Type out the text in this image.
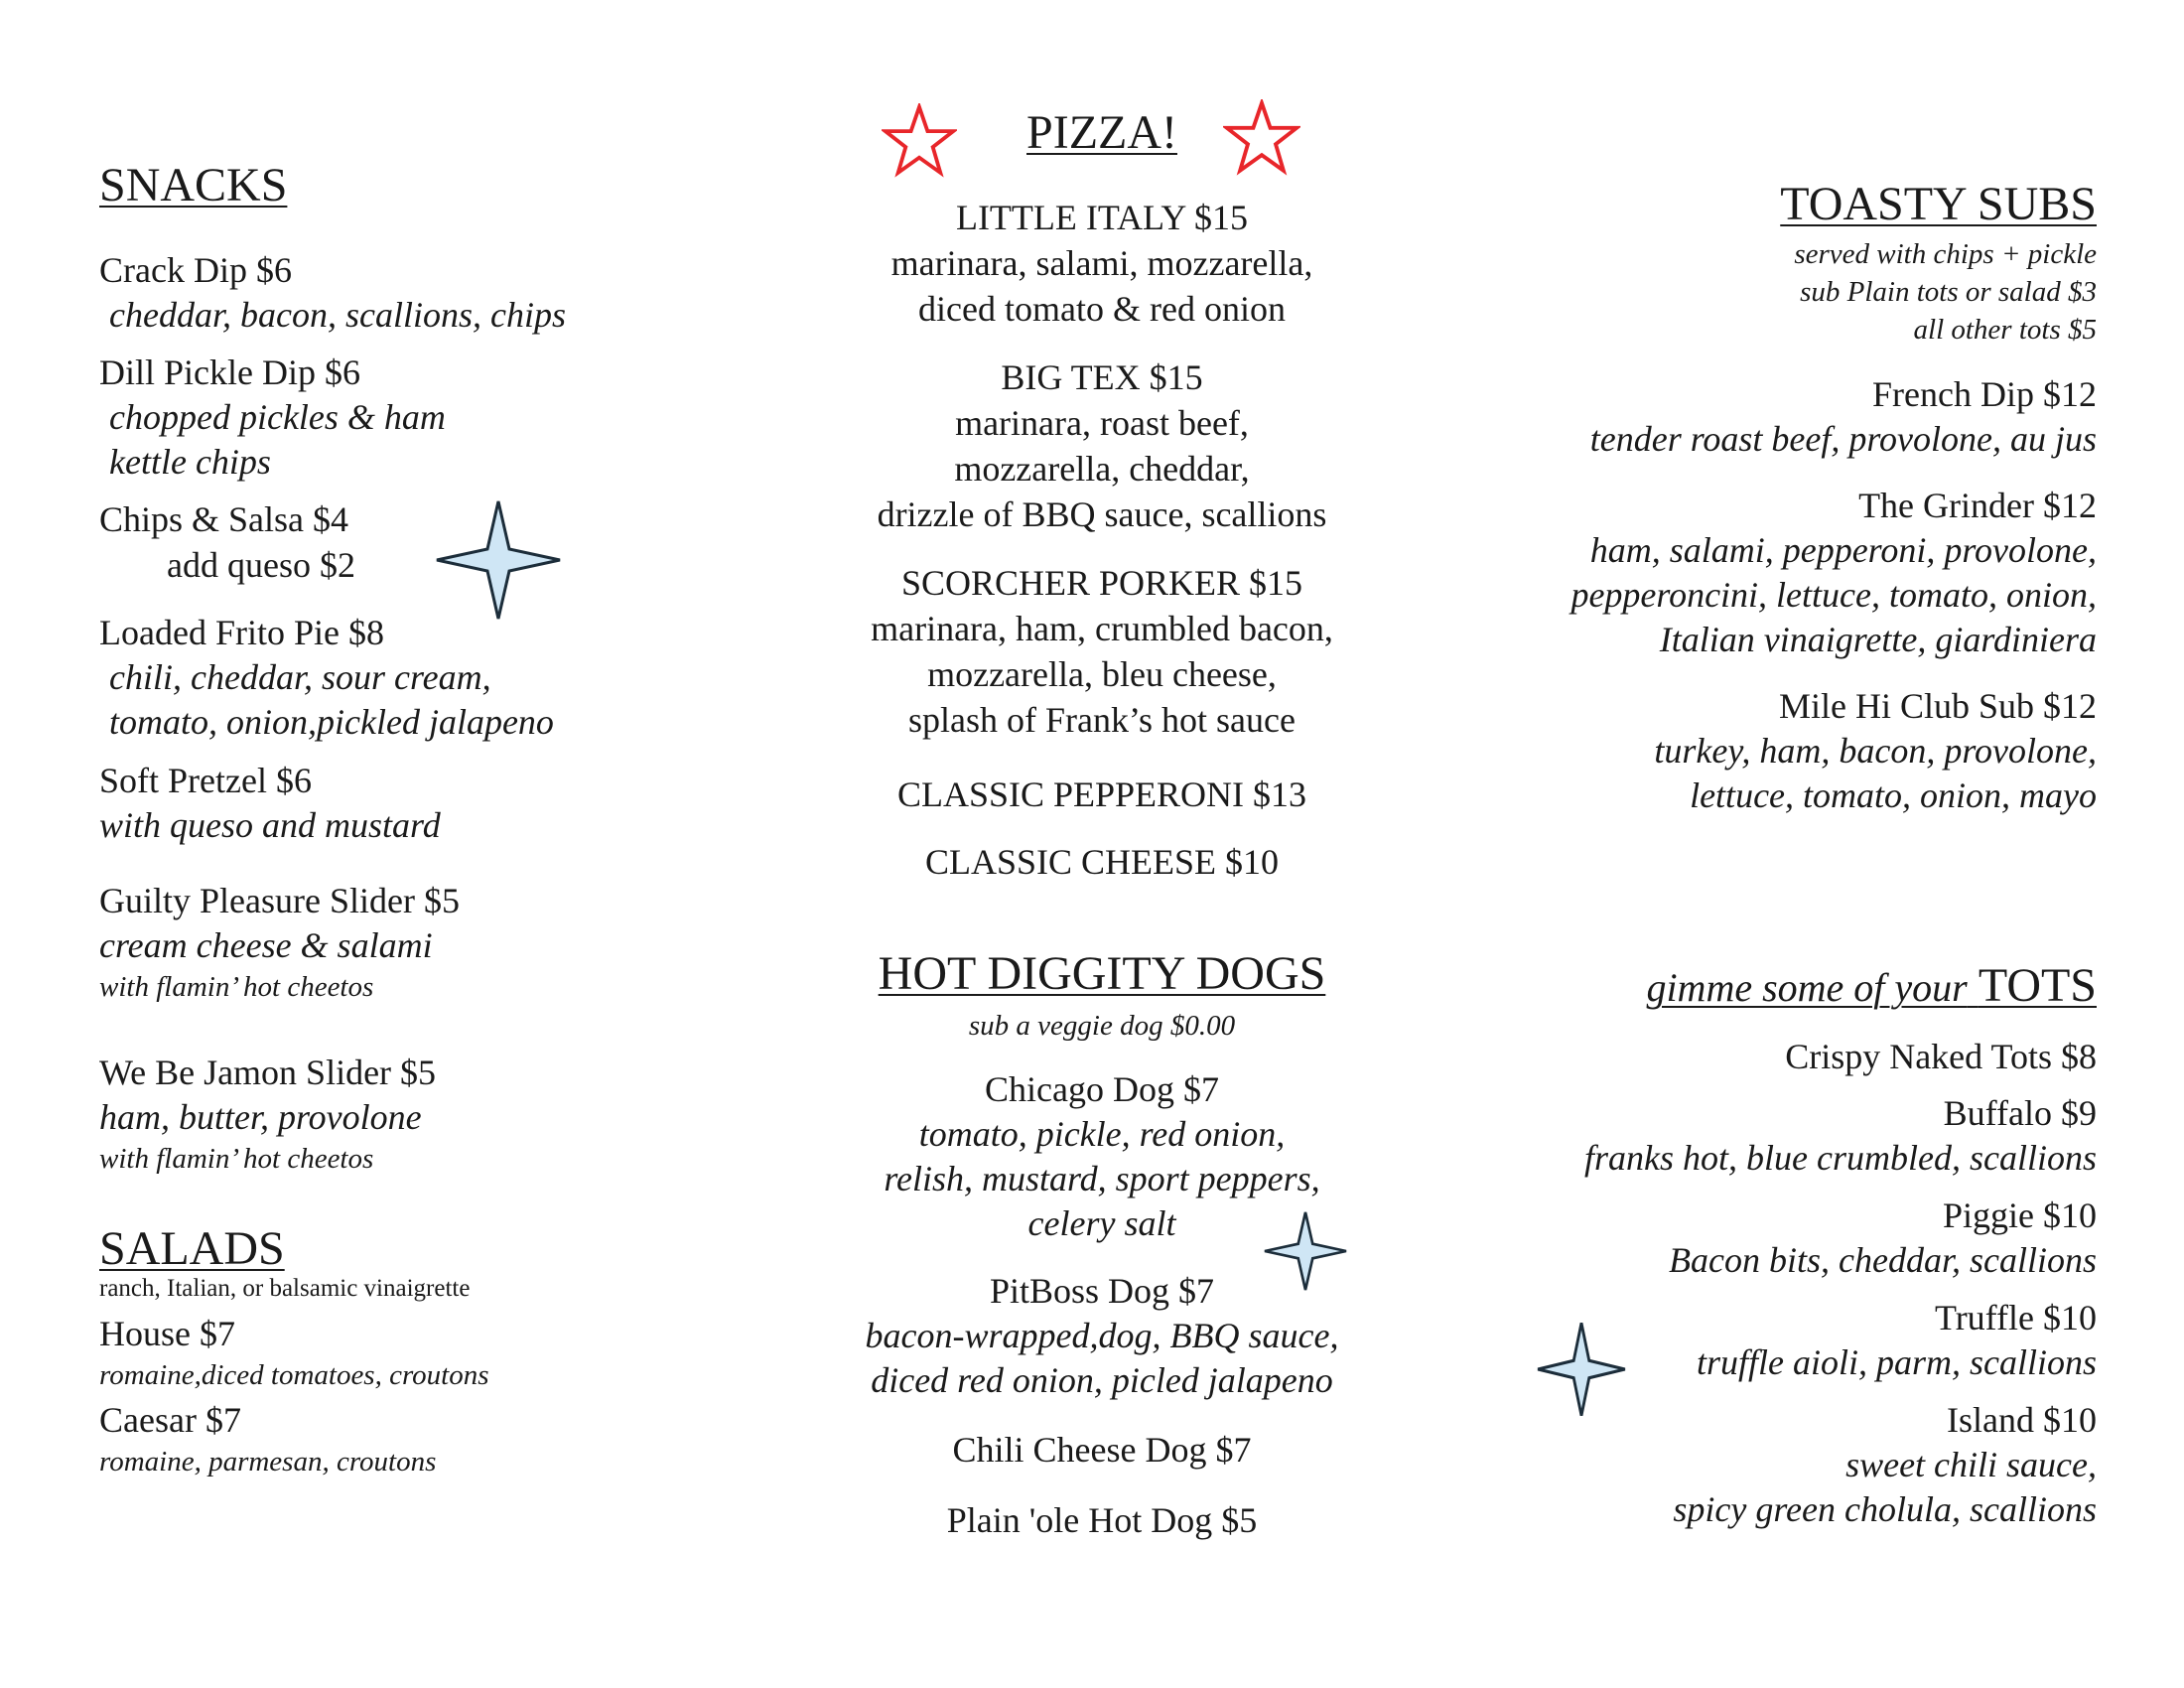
SNACKS
Crack Dip $6
cheddar, bacon, scallions, chips
Dill Pickle Dip $6
chopped pickles & ham
kettle chips
Chips & Salsa $4
add queso $2
Loaded Frito Pie $8
chili, cheddar, sour cream,
tomato, onion,pickled jalapeno
Soft Pretzel $6
with queso and mustard
Guilty Pleasure Slider $5
cream cheese & salami
with flamin’ hot cheetos
We Be Jamon Slider $5
ham, butter, provolone
with flamin’ hot cheetos
SALADS
ranch, Italian, or balsamic vinaigrette
House $7
romaine,diced tomatoes, croutons
Caesar $7
romaine, parmesan, croutons
PIZZA!
LITTLE ITALY $15
marinara, salami, mozzarella,
diced tomato & red onion
BIG TEX $15
marinara, roast beef,
mozzarella, cheddar,
drizzle of BBQ sauce, scallions
SCORCHER PORKER $15
marinara, ham, crumbled bacon,
mozzarella, bleu cheese,
splash of Frank’s hot sauce
CLASSIC PEPPERONI $13
CLASSIC CHEESE $10
HOT DIGGITY DOGS
sub a veggie dog $0.00
Chicago Dog $7
tomato, pickle, red onion,
relish, mustard, sport peppers,
celery salt
PitBoss Dog $7
bacon-wrapped,dog, BBQ sauce,
diced red onion, picled jalapeno
Chili Cheese Dog $7
Plain 'ole Hot Dog $5
TOASTY SUBS
served with chips + pickle
sub Plain tots or salad $3
all other tots $5
French Dip $12
tender roast beef, provolone, au jus
The Grinder $12
ham, salami, pepperoni, provolone,
pepperoncini, lettuce, tomato, onion,
Italian vinaigrette, giardiniera
Mile Hi Club Sub $12
turkey, ham, bacon, provolone,
lettuce, tomato, onion, mayo
gimme some of your TOTS
Crispy Naked Tots $8
Buffalo $9
franks hot, blue crumbled, scallions
Piggie $10
Bacon bits, cheddar, scallions
Truffle $10
truffle aioli, parm, scallions
Island $10
sweet chili sauce,
spicy green cholula, scallions
